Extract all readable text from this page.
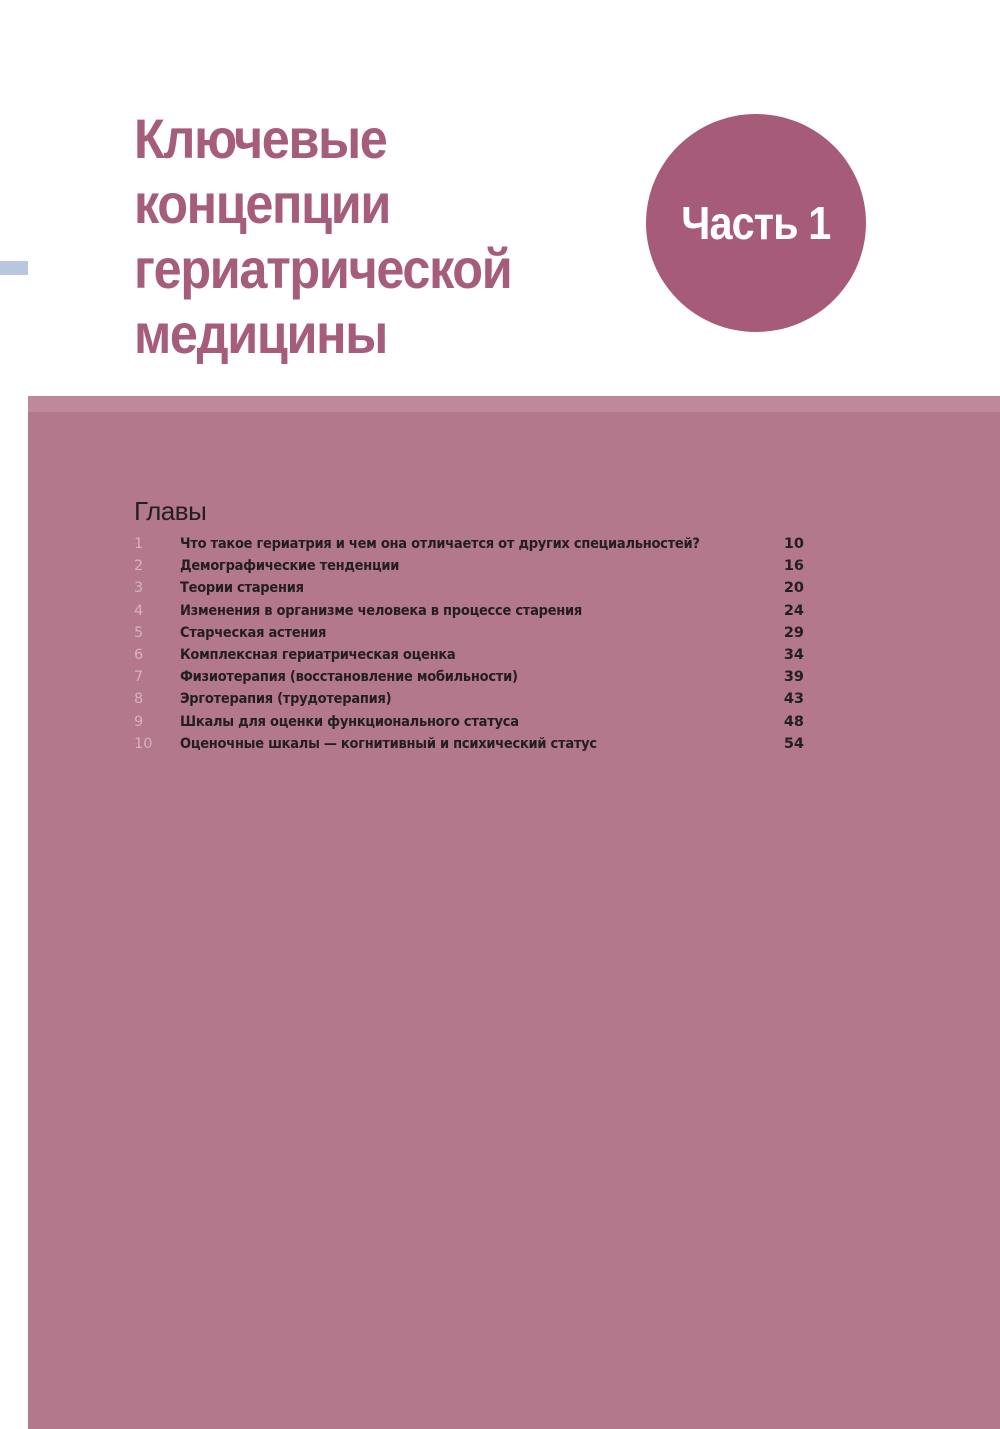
Ключевые
концепции
гериатрической
медицины
Часть 1
Главы
1	Что такое гериатрия и чем она отличается от других специальностей?	10
2	Демографические тенденции	16
3	Теории старения	20
4	Изменения в организме человека в процессе старения	24
5	Старческая астения	29
6	Комплексная гериатрическая оценка	34
7	Физиотерапия (восстановление мобильности)	39
8	Эрготерапия (трудотерапия)	43
9	Шкалы для оценки функционального статуса	48
10 Оценочные шкалы — когнитивный и психический статус	54
